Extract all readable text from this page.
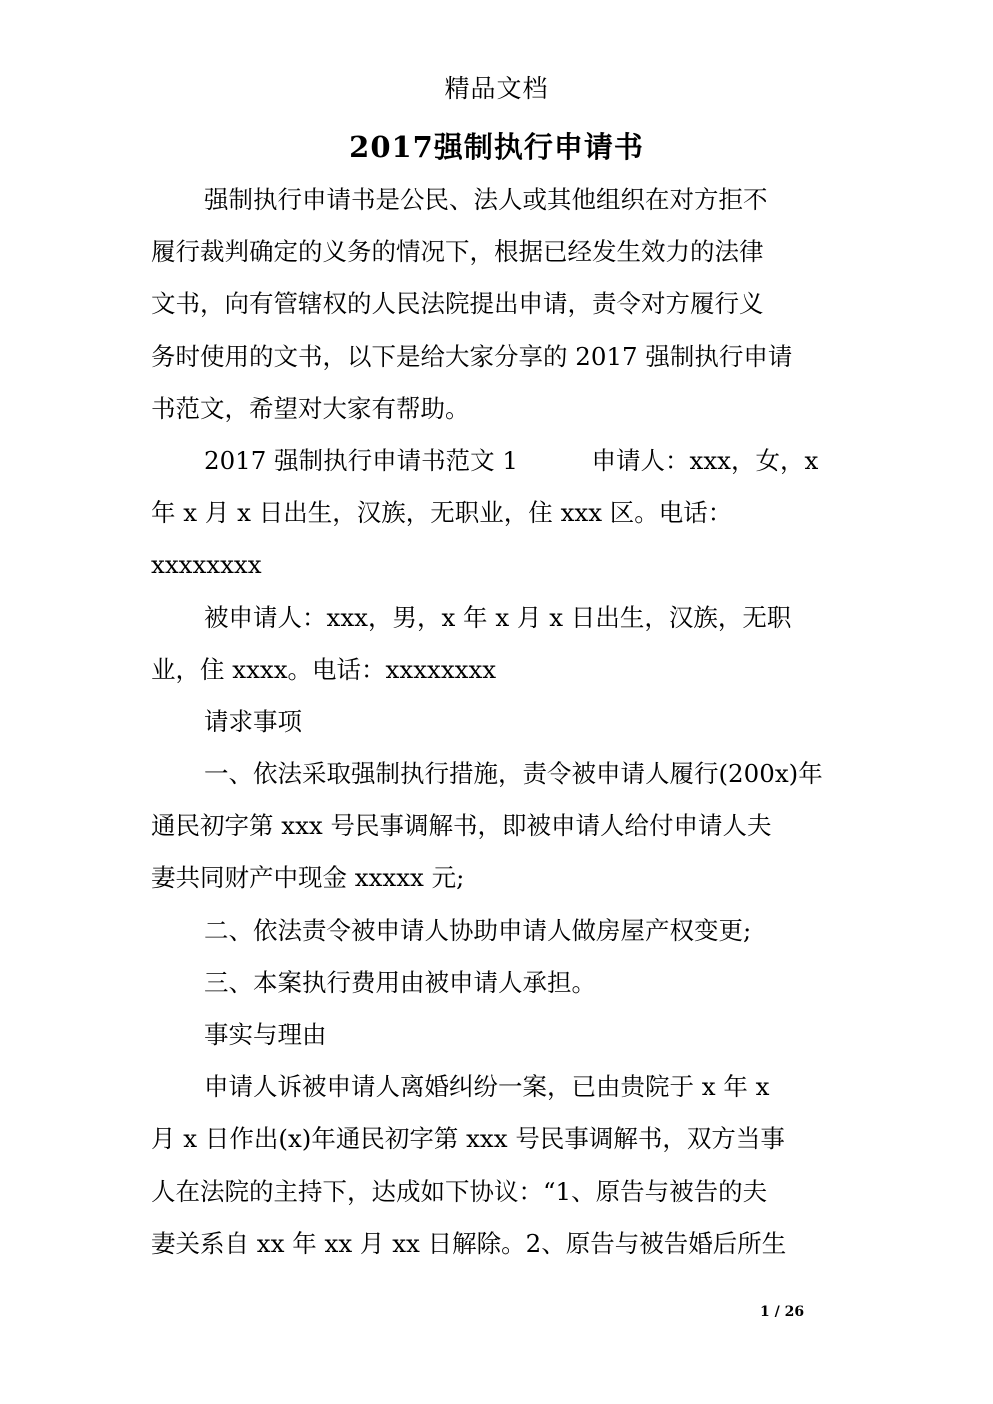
精品文档
2017强制执行申请书
强制执行申请书是公民、法人或其他组织在对方拒不
履行裁判确定的义务的情况下，根据已经发生效力的法律
文书，向有管辖权的人民法院提出申请，责令对方履行义
务时使用的文书，以下是给大家分享的 2017 强制执行申请
书范文，希望对大家有帮助。
2017 强制执行申请书范文 1　　　申请人：xxx，女，x
年 x 月 x 日出生，汉族，无职业，住 xxx 区。电话：
xxxxxxxx
被申请人：xxx，男，x 年 x 月 x 日出生，汉族，无职
业，住 xxxx。电话：xxxxxxxx
请求事项
一、依法采取强制执行措施，责令被申请人履行(200x)年
通民初字第 xxx 号民事调解书，即被申请人给付申请人夫
妻共同财产中现金 xxxxx 元;
二、依法责令被申请人协助申请人做房屋产权变更;
三、本案执行费用由被申请人承担。
事实与理由
申请人诉被申请人离婚纠纷一案，已由贵院于 x 年 x
月 x 日作出(x)年通民初字第 xxx 号民事调解书，双方当事
人在法院的主持下，达成如下协议：“1、原告与被告的夫
妻关系自 xx 年 xx 月 xx 日解除。2、原告与被告婚后所生
1 / 26
